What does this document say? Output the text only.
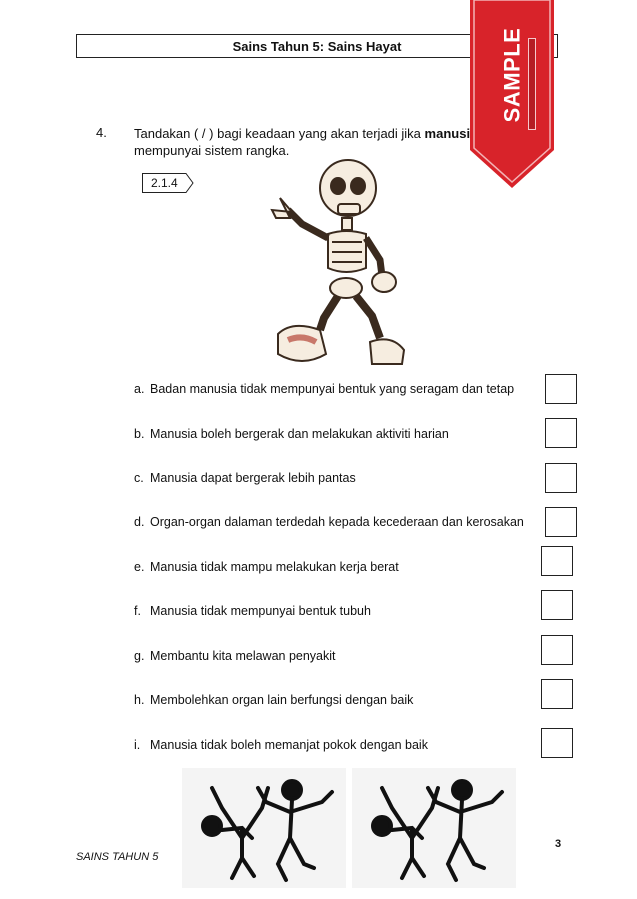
Sains Tahun 5: Sains Hayat	SAMPLE
4. Tandakan ( / ) bagi keadaan yang akan terjadi jika manusi
mempunyai sistem rangka.
2.1.4
a. Badan manusia tidak mempunyai bentuk yang seragam dan tetap
b. Manusia boleh bergerak dan melakukan aktiviti harian
c. Manusia dapat bergerak lebih pantas
d. Organ-organ dalaman terdedah kepada kecederaan dan kerosakan
e. Manusia tidak mampu melakukan kerja berat
f. Manusia tidak mempunyai bentuk tubuh
g. Membantu kita melawan penyakit
h. Membolehkan organ lain berfungsi dengan baik
i. Manusia tidak boleh memanjat pokok dengan baik
SAINS TAHUN 5
3
